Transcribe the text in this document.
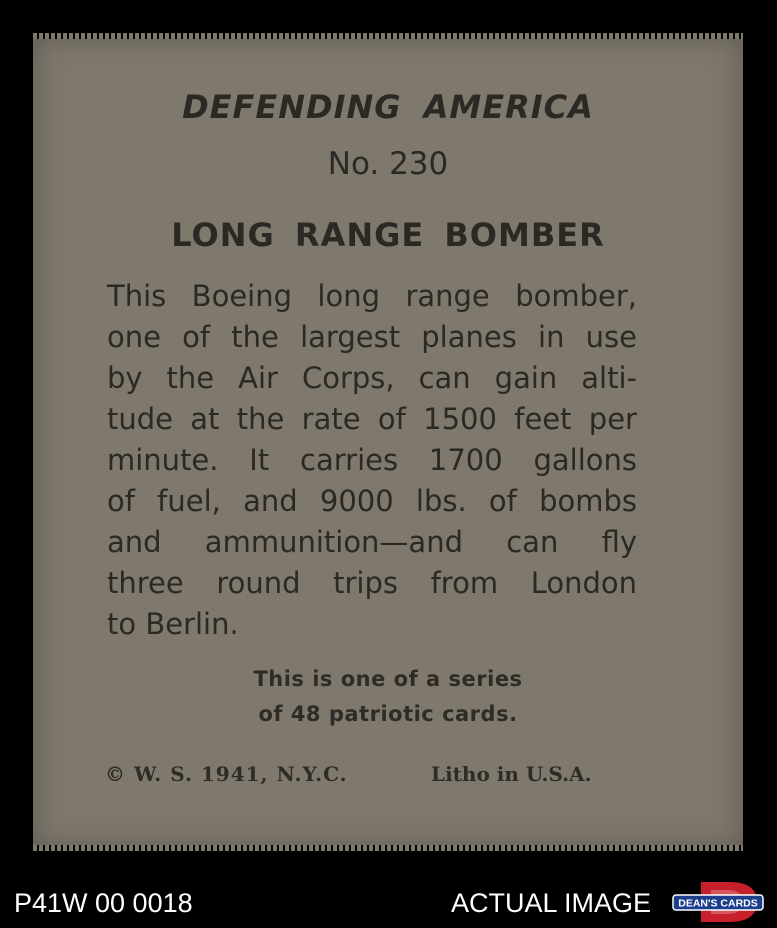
DEFENDING AMERICA
No. 230
LONG RANGE BOMBER
This Boeing long range bomber,
one of the largest planes in use
by the Air Corps, can gain alti-
tude at the rate of 1500 feet per
minute. It carries 1700 gallons
of fuel, and 9000 lbs. of bombs
and ammunition—and can fly
three round trips from London
to Berlin.
This is one of a series
of 48 patriotic cards.
© W. S. 1941, N.Y.C.	Litho in U.S.A.
P41W 00 0018	ACTUAL IMAGE	DEAN'S CARDS
